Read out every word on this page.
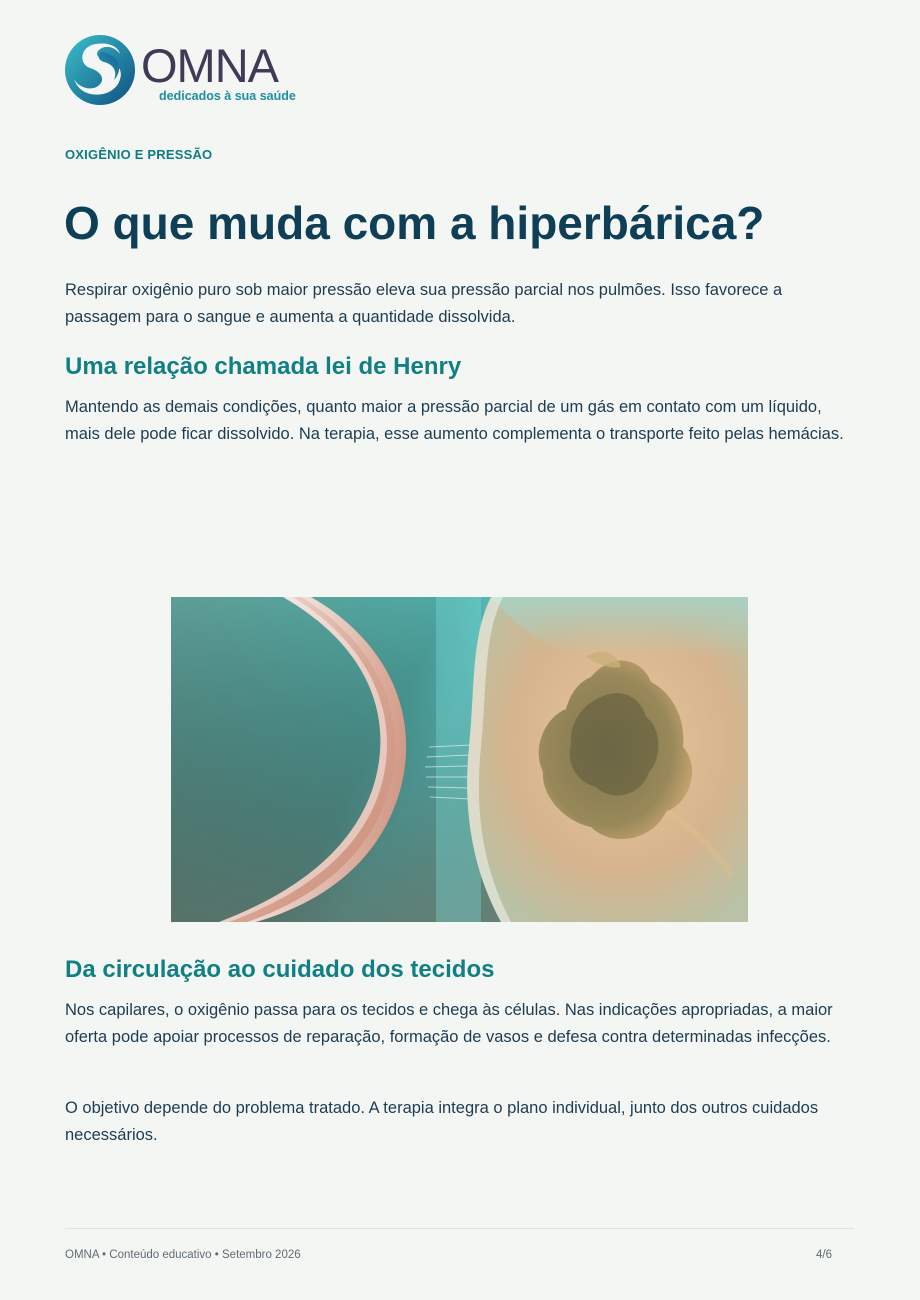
OMNA
dedicados à sua saúde
OXIGÊNIO E PRESSÃO
O que muda com a hiperbárica?

Respirar oxigênio puro sob maior pressão eleva sua pressão parcial nos pulmões. Isso favorece a passagem para o sangue e aumenta a quantidade dissolvida.

Uma relação chamada lei de Henry

Mantendo as demais condições, quanto maior a pressão parcial de um gás em contato com um líquido, mais dele pode ficar dissolvido. Na terapia, esse aumento complementa o transporte feito pelas hemácias.

Da circulação ao cuidado dos tecidos

Nos capilares, o oxigênio passa para os tecidos e chega às células. Nas indicações apropriadas, a maior oferta pode apoiar processos de reparação, formação de vasos e defesa contra determinadas infecções.

O objetivo depende do problema tratado. A terapia integra o plano individual, junto dos outros cuidados necessários.

OMNA • Conteúdo educativo • Setembro 2026	4/6
